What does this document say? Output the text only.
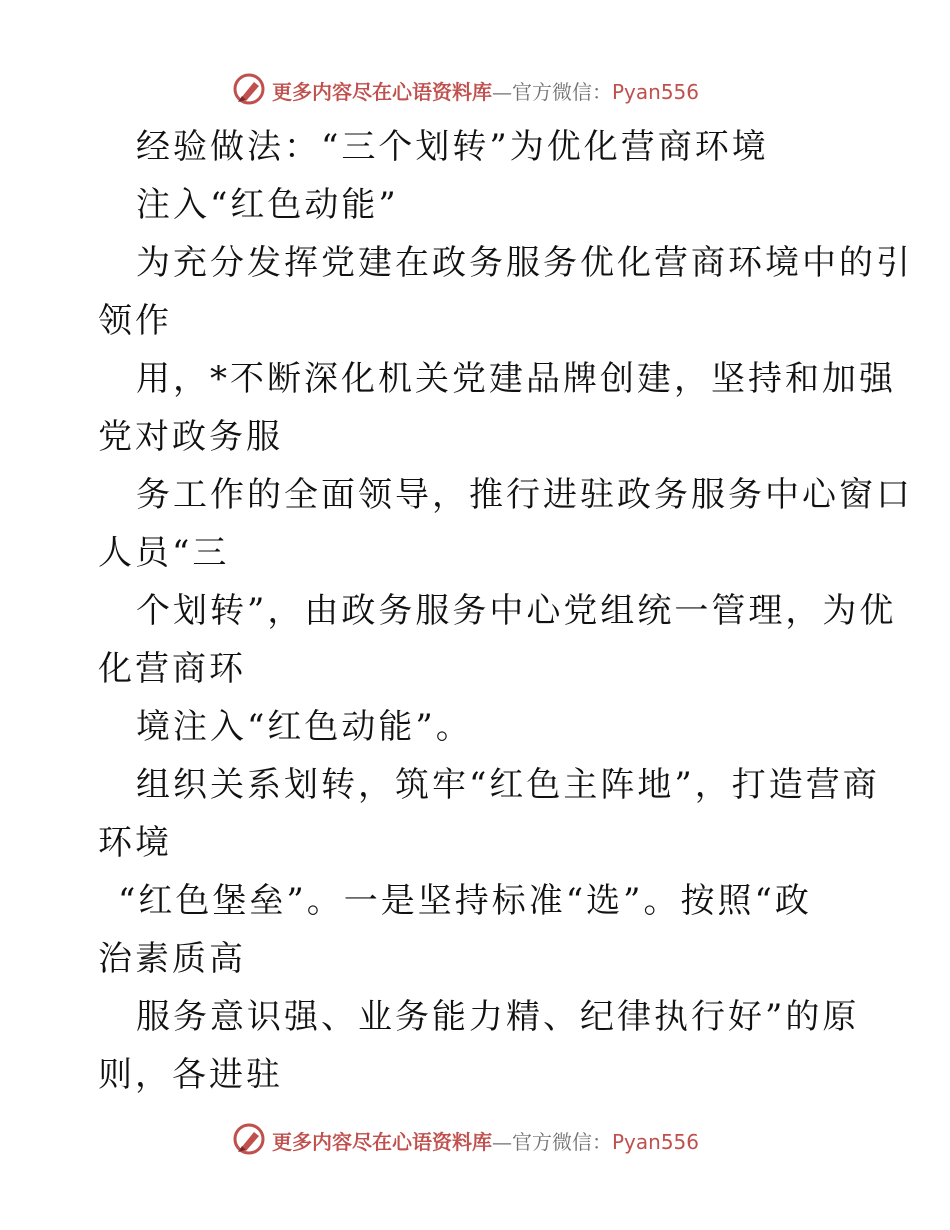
更多内容尽在心语资料库—官方微信：Pyan556
经验做法：“三个划转”为优化营商环境
注入“红色动能”
为充分发挥党建在政务服务优化营商环境中的引
领作
用，*不断深化机关党建品牌创建，坚持和加强
党对政务服
务工作的全面领导，推行进驻政务服务中心窗口
人员“三
个划转”，由政务服务中心党组统一管理，为优
化营商环
境注入“红色动能”。
组织关系划转，筑牢“红色主阵地”，打造营商
环境
“红色堡垒”。一是坚持标准“选”。按照“政
治素质高
服务意识强、业务能力精、纪律执行好”的原
则，各进驻
更多内容尽在心语资料库—官方微信：Pyan556
